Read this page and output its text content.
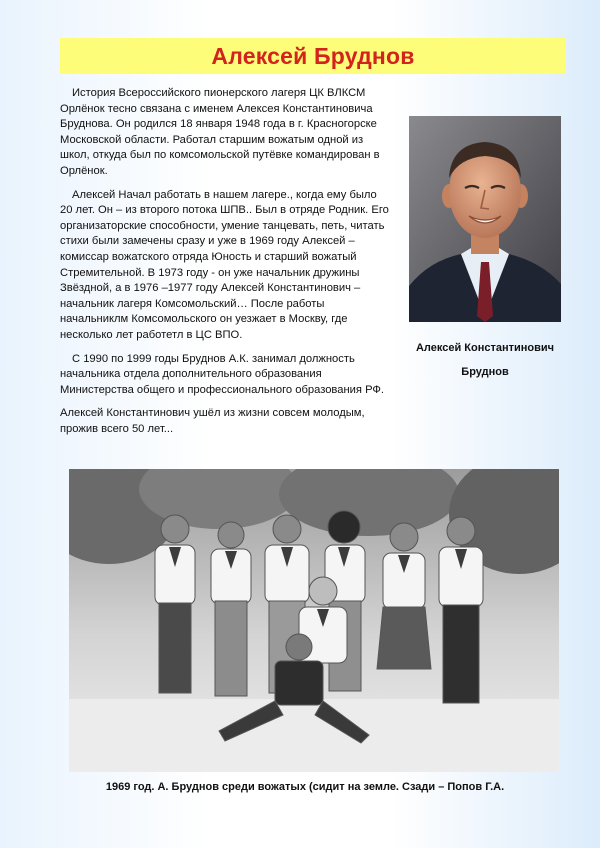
Алексей Бруднов

История Всероссийского пионерского лагеря ЦК ВЛКСМ Орлёнок тесно связана с именем Алексея Константиновича Бруднова. Он родился 18 января 1948 года в г. Красногорске Московской области. Работал старшим вожатым одной из школ, откуда был по комсомольской путёвке командирован в Орлёнок.

Алексей Начал работать в нашем лагере., когда ему было 20 лет. Он – из второго потока ШПВ.. Был в отряде Родник. Его организаторские способности, умение танцевать, петь, читать стихи были замечены сразу и уже в 1969 году Алексей – комиссар вожатского отряда Юность и старший вожатый Стремительной. В 1973 году - он уже начальник дружины Звёздной, а в 1976 –1977 году Алексей Константинович – начальник лагеря Комсомольский… После работы начальниклм Комсомольского он уезжает в Москву, где несколько лет работетл в ЦС ВПО.

С 1990 по 1999 годы Бруднов А.К. занимал должность начальника отдела дополнительного образования Министерства общего и профессионального образования РФ.

Алексей Константинович ушёл из жизни совсем молодым, прожив всего 50 лет...

Алексей Константинович
Бруднов
1969 год. А. Бруднов среди вожатых (сидит на земле. Сзади – Попов Г.А.
